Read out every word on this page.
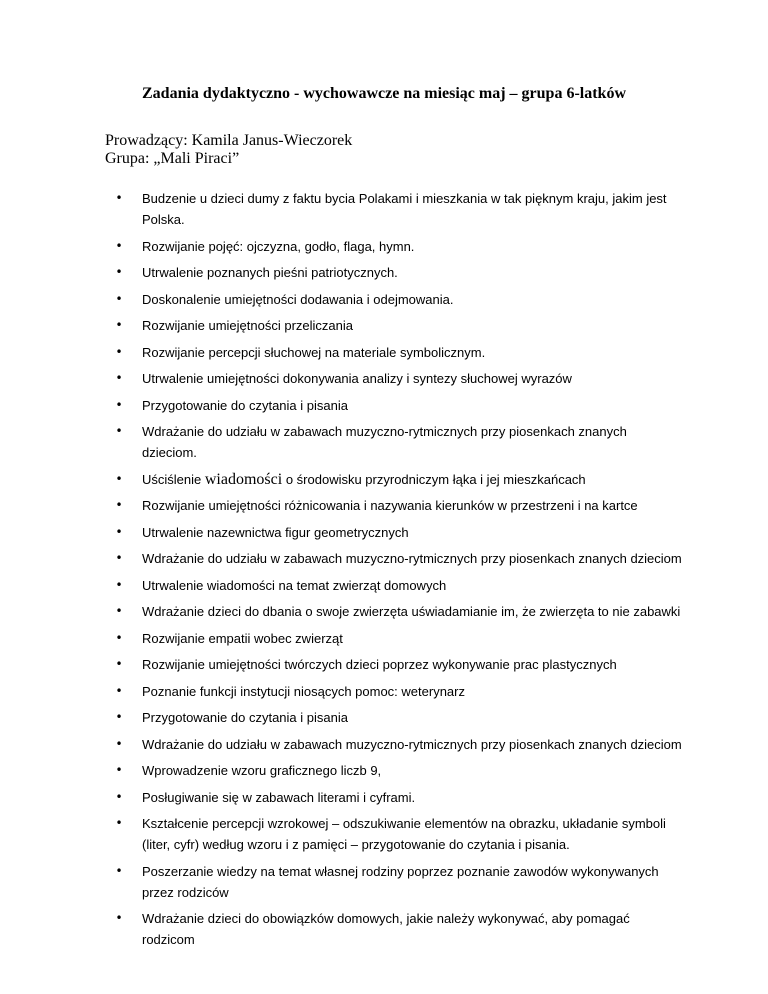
Zadania dydaktyczno - wychowawcze na miesiąc maj – grupa 6-latków
Prowadzący: Kamila Janus-Wieczorek
Grupa: „Mali Piraci”
• Budzenie u dzieci dumy z faktu bycia Polakami i mieszkania w tak pięknym kraju, jakim jest Polska.
• Rozwijanie pojęć: ojczyzna, godło, flaga, hymn.
• Utrwalenie poznanych pieśni patriotycznych.
• Doskonalenie umiejętności dodawania i odejmowania.
• Rozwijanie umiejętności przeliczania
• Rozwijanie percepcji słuchowej na materiale symbolicznym.
• Utrwalenie umiejętności dokonywania analizy i syntezy słuchowej wyrazów
• Przygotowanie do czytania i pisania
• Wdrażanie do udziału w zabawach muzyczno-rytmicznych przy piosenkach znanych dzieciom.
• Uściślenie wiadomości o środowisku przyrodniczym łąka i jej mieszkańcach
• Rozwijanie umiejętności różnicowania i nazywania kierunków w przestrzeni i na kartce
• Utrwalenie nazewnictwa figur geometrycznych
• Wdrażanie do udziału w zabawach muzyczno-rytmicznych przy piosenkach znanych dzieciom
• Utrwalenie wiadomości na temat zwierząt domowych
• Wdrażanie dzieci do dbania o swoje zwierzęta uświadamianie im, że zwierzęta to nie zabawki
• Rozwijanie empatii wobec zwierząt
• Rozwijanie umiejętności twórczych dzieci poprzez wykonywanie prac plastycznych
• Poznanie funkcji instytucji niosących pomoc: weterynarz
• Przygotowanie do czytania i pisania
• Wdrażanie do udziału w zabawach muzyczno-rytmicznych przy piosenkach znanych dzieciom
• Wprowadzenie wzoru graficznego liczb 9,
• Posługiwanie się w zabawach literami i cyframi.
• Kształcenie percepcji wzrokowej – odszukiwanie elementów na obrazku, układanie symboli (liter, cyfr) według wzoru i z pamięci – przygotowanie do czytania i pisania.
• Poszerzanie wiedzy na temat własnej rodziny poprzez poznanie zawodów wykonywanych przez rodziców
• Wdrażanie dzieci do obowiązków domowych, jakie należy wykonywać, aby pomagać rodzicom
